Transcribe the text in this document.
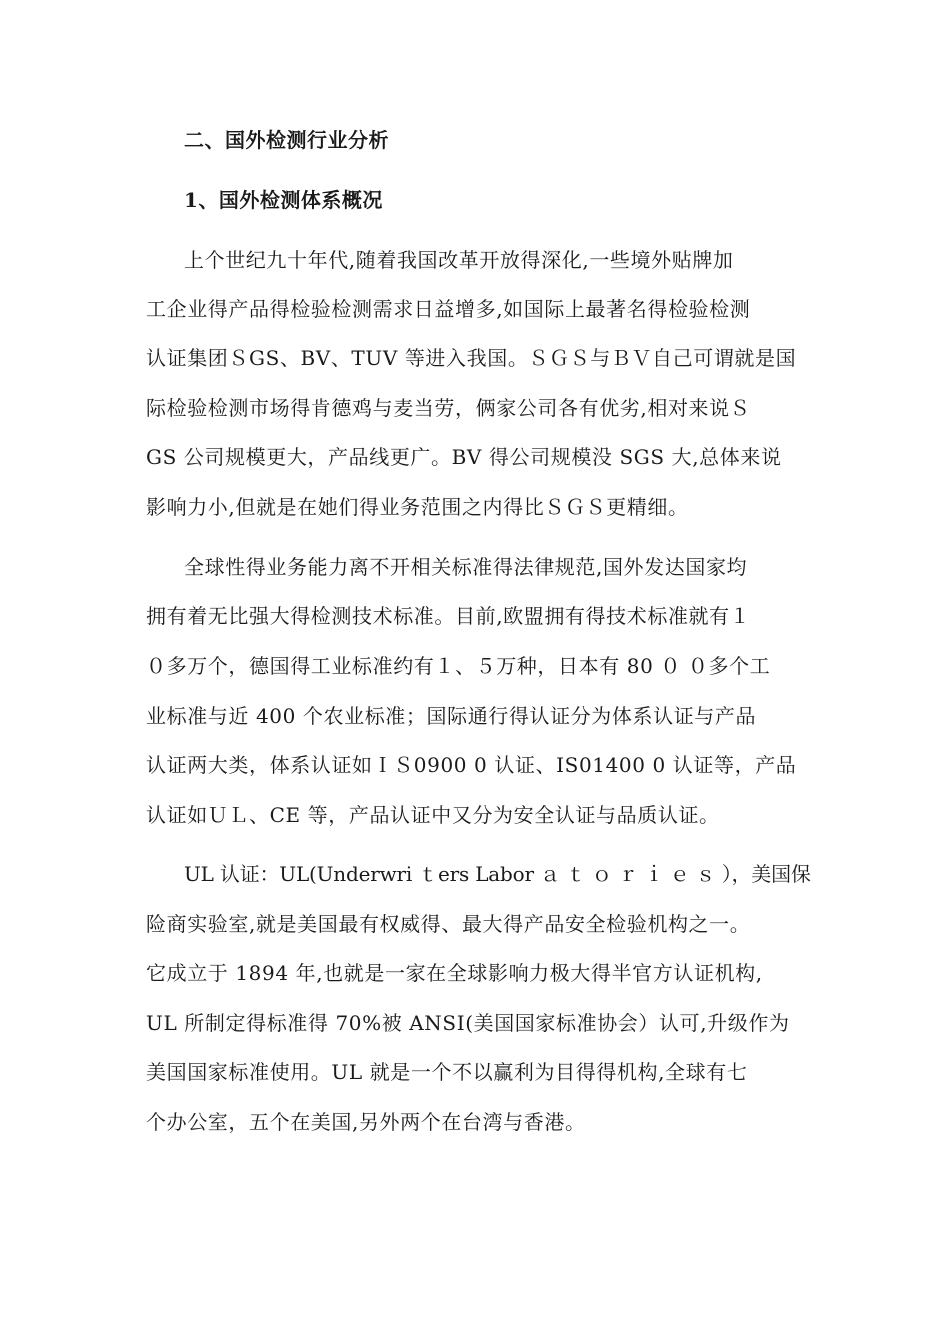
二、国外检测行业分析
1、国外检测体系概况
上个世纪九十年代,随着我国改革开放得深化,一些境外贴牌加
工企业得产品得检验检测需求日益增多,如国际上最著名得检验检测
认证集团ＳGS、BV、TUV 等进入我国。ＳＧＳ与ＢＶ自己可谓就是国
际检验检测市场得肯德鸡与麦当劳，俩家公司各有优劣,相对来说Ｓ
GS 公司规模更大，产品线更广。BV 得公司规模没 SGS 大,总体来说
影响力小,但就是在她们得业务范围之内得比ＳＧＳ更精细。
全球性得业务能力离不开相关标准得法律规范,国外发达国家均
拥有着无比强大得检测技术标准。目前,欧盟拥有得技术标准就有１
０多万个，德国得工业标准约有１、５万种，日本有 80 ０ ０多个工
业标准与近 400 个农业标准；国际通行得认证分为体系认证与产品
认证两大类，体系认证如ＩＳ0900 0 认证、IS01400 0 认证等，产品
认证如ＵＬ、CE 等，产品认证中又分为安全认证与品质认证。
UL 认证：UL(Underwri ｔers Labor ａ ｔ ｏ ｒ ｉ ｅ ｓ ），美国保
险商实验室,就是美国最有权威得、最大得产品安全检验机构之一。
它成立于 1894 年,也就是一家在全球影响力极大得半官方认证机构,
UL 所制定得标准得 70%被 ANSI(美国国家标准协会）认可,升级作为
美国国家标准使用。UL 就是一个不以赢利为目得得机构,全球有七
个办公室，五个在美国,另外两个在台湾与香港。
